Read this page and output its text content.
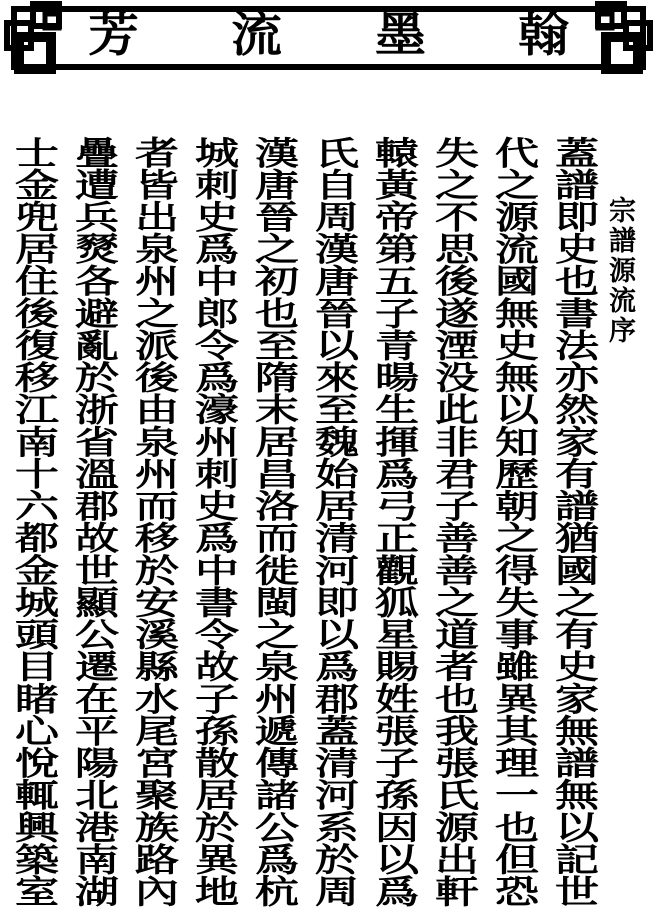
芳 流 墨 翰
宗譜源流序
蓋譜即史也書法亦然家有譜猶國之有史家無譜無以記世
代之源流國無史無以知歷朝之得失事雖異其理一也但恐
失之不思後遂湮没此非君子善善之道者也我張氏源出軒
轅黃帝第五子青暘生揮爲弓正觀狐星賜姓張子孫因以爲
氏自周漢唐晉以來至魏始居清河即以爲郡蓋清河系於周
漢唐晉之初也至隋末居昌洛而徙閩之泉州遞傳諸公爲杭
城刺史爲中郎令爲濠州刺史爲中書令故子孫散居於異地
者皆出泉州之派後由泉州而移於安溪縣水尾宮聚族路內
疊遭兵燹各避亂於浙省溫郡故世顯公遷在平陽北港南湖
士金兜居住後復移江南十六都金城頭目睹心悅輒興築室
